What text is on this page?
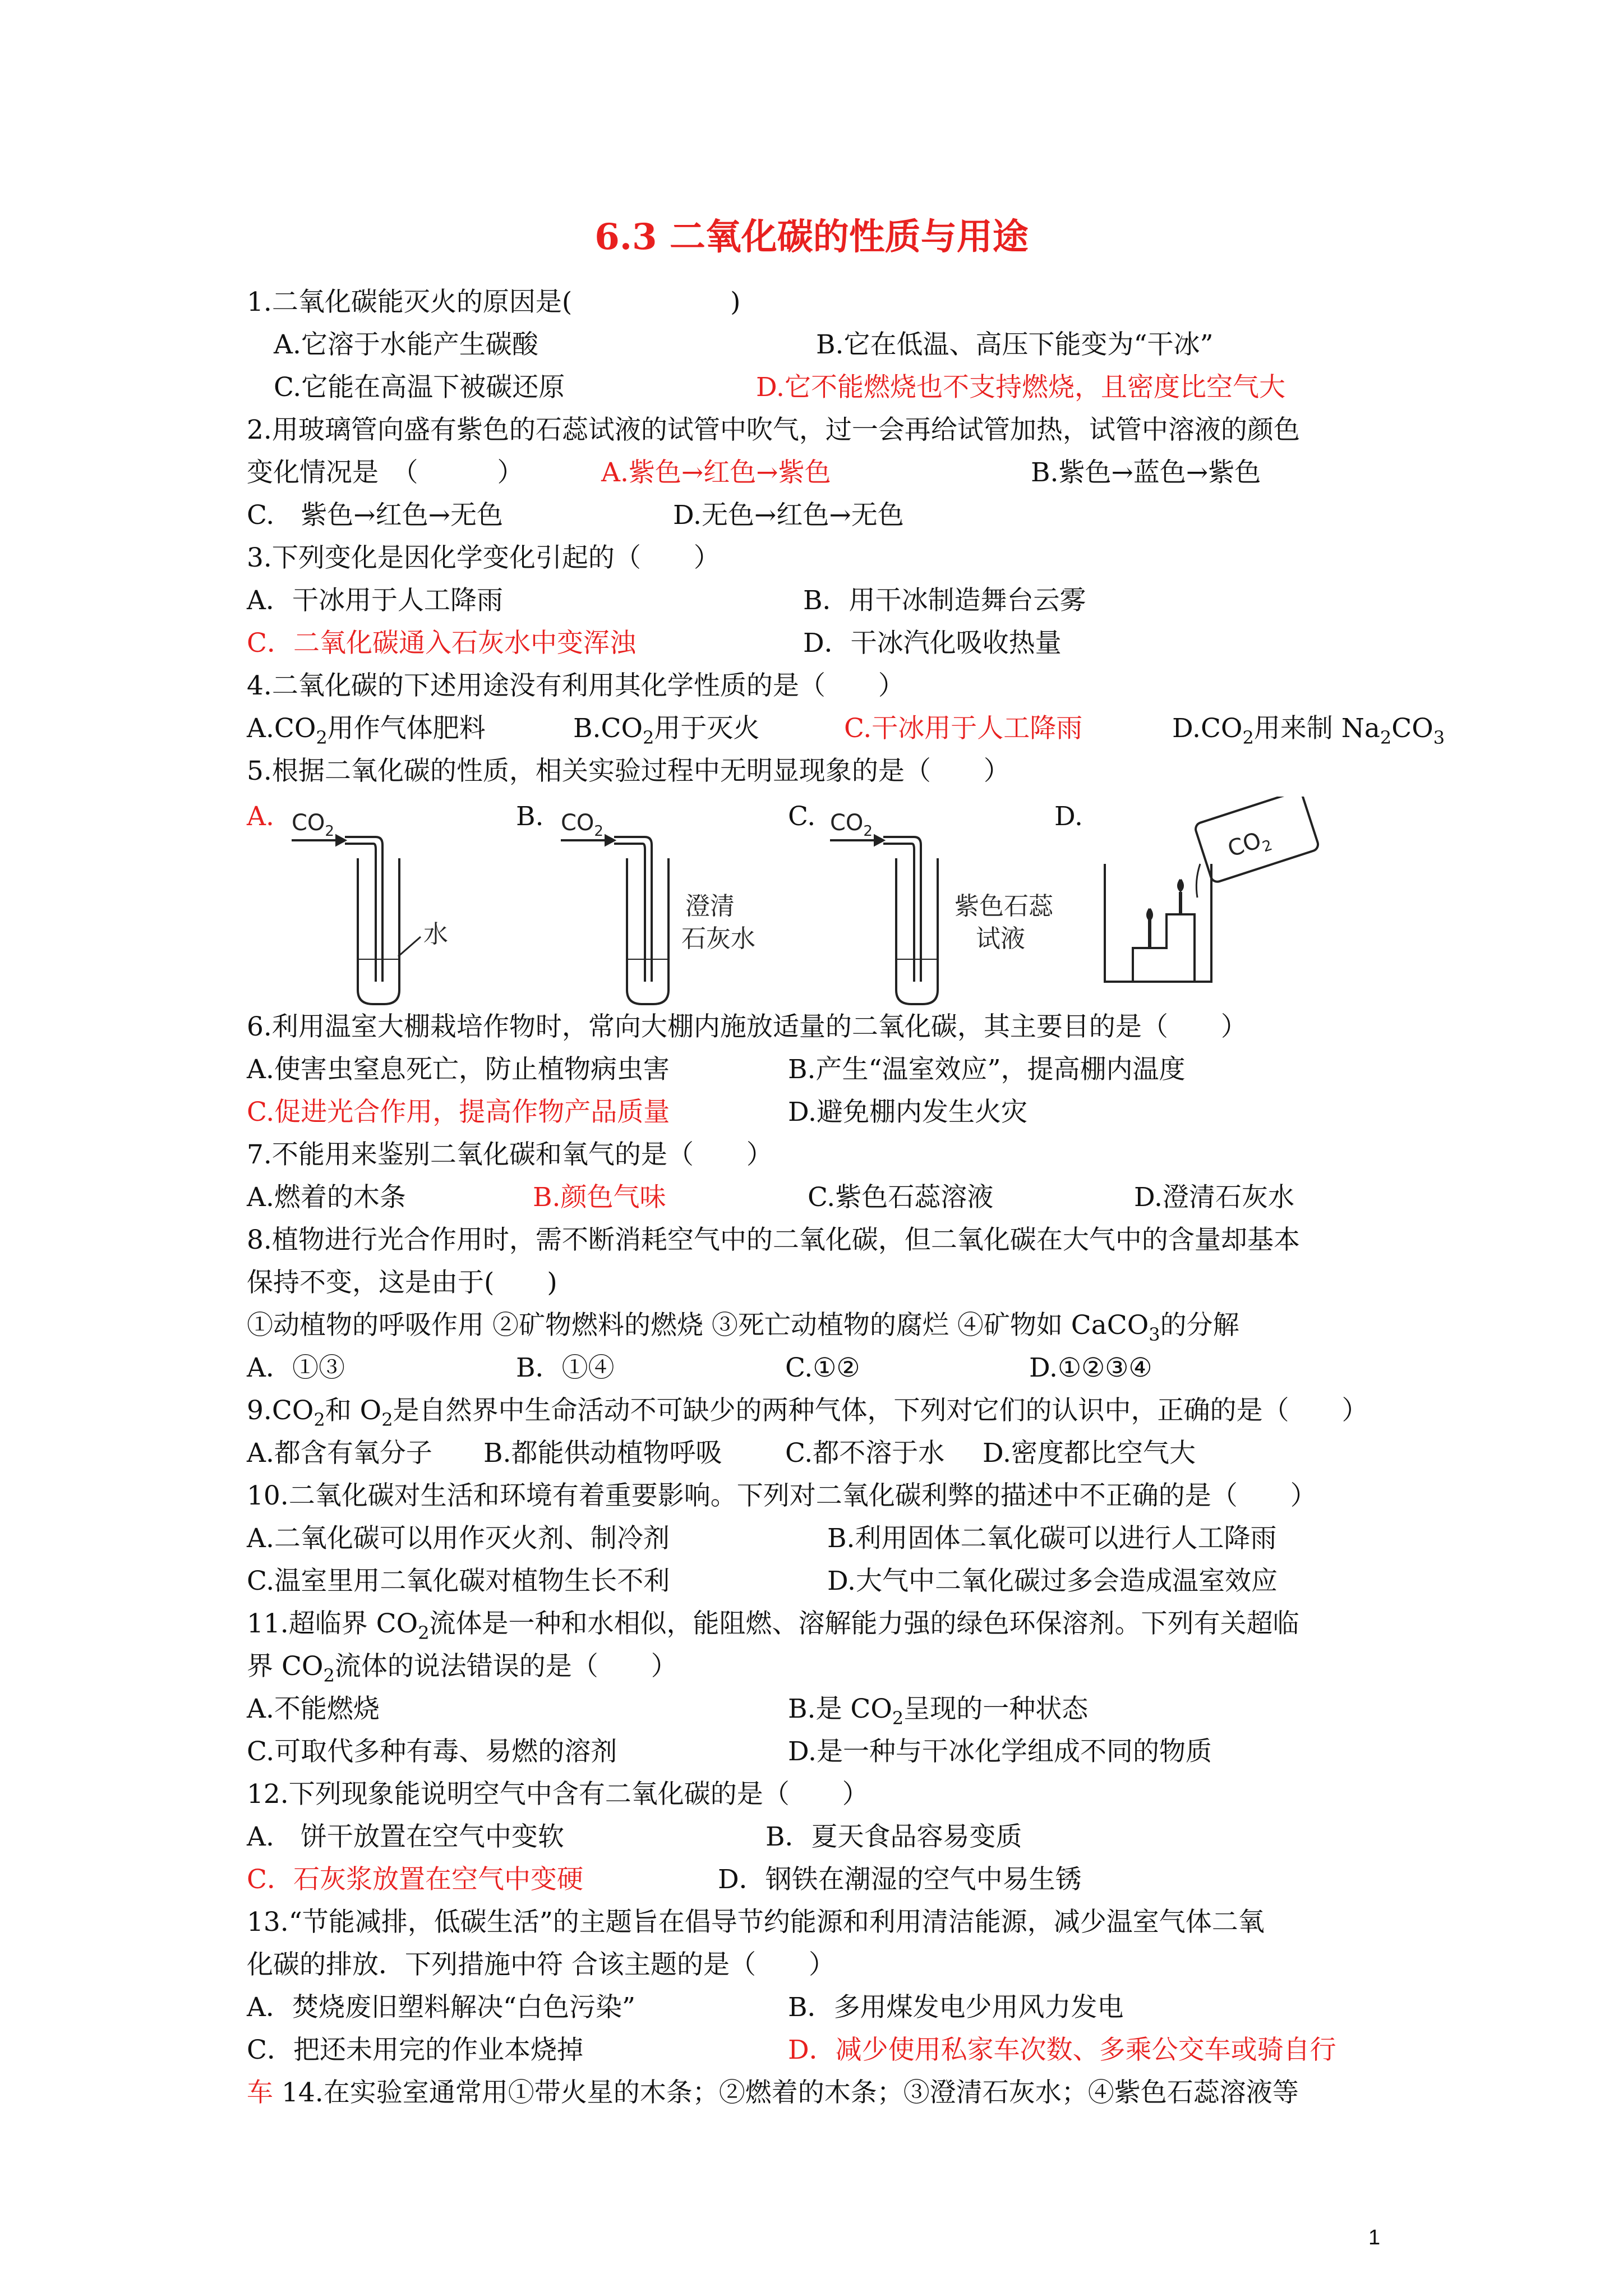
6.3 二氧化碳的性质与用途
1.二氧化碳能灭火的原因是(　　　　　　)
A.它溶于水能产生碳酸	B.它在低温、高压下能变为“干冰”
C.它能在高温下被碳还原	D.它不能燃烧也不支持燃烧，且密度比空气大
2.用玻璃管向盛有紫色的石蕊试液的试管中吹气，过一会再给试管加热，试管中溶液的颜色
变化情况是　（　　　）	A.紫色→红色→紫色	B.紫色→蓝色→紫色
C.　紫色→红色→无色	D.无色→红色→无色
3.下列变化是因化学变化引起的（　　）
A．干冰用于人工降雨	B．用干冰制造舞台云雾
C．二氧化碳通入石灰水中变浑浊	D．干冰汽化吸收热量
4.二氧化碳的下述用途没有利用其化学性质的是（　　）
$A.CO_2$用作气体肥料	$B.CO_2$用于灭火	C.干冰用于人工降雨	$D.CO_2$用来制 $Na_2CO_3$
5.根据二氧化碳的性质，相关实验过程中无明显现象的是（　　）
A.	B.	C.	D.
$CO_2$
水
$CO_2$
澄清
石灰水
$CO_2$
紫色石蕊
试液
$CO_2$
6.利用温室大棚栽培作物时，常向大棚内施放适量的二氧化碳，其主要目的是（　　）
A.使害虫窒息死亡，防止植物病虫害	B.产生“温室效应”，提高棚内温度
C.促进光合作用，提高作物产品质量	D.避免棚内发生火灾
7.不能用来鉴别二氧化碳和氧气的是（　　）
A.燃着的木条	B.颜色气味	C.紫色石蕊溶液	D.澄清石灰水
8.植物进行光合作用时，需不断消耗空气中的二氧化碳，但二氧化碳在大气中的含量却基本
保持不变，这是由于(　　)
①动植物的呼吸作用 ②矿物燃料的燃烧 ③死亡动植物的腐烂 ④矿物如 CaCO$_3$的分解
A．①③	B．①④	C.①②	D.①②③④
$9.CO_2$和 $O_2$是自然界中生命活动不可缺少的两种气体，下列对它们的认识中，正确的是（　　）
A.都含有氧分子 B.都能供动植物呼吸 C.都不溶于水 D.密度都比空气大
10.二氧化碳对生活和环境有着重要影响。下列对二氧化碳利弊的描述中不正确的是（　　）
A.二氧化碳可以用作灭火剂、制冷剂	B.利用固体二氧化碳可以进行人工降雨
C.温室里用二氧化碳对植物生长不利	D.大气中二氧化碳过多会造成温室效应
11.超临界 $CO_2$流体是一种和水相似，能阻燃、溶解能力强的绿色环保溶剂。下列有关超临
界 $CO_2$流体的说法错误的是（　　）
A.不能燃烧	B.是 $CO_2$呈现的一种状态
C.可取代多种有毒、易燃的溶剂	D.是一种与干冰化学组成不同的物质
12.下列现象能说明空气中含有二氧化碳的是（　　）
A.　饼干放置在空气中变软	B．夏天食品容易变质
C．石灰浆放置在空气中变硬	D．钢铁在潮湿的空气中易生锈
13.“节能减排，低碳生活”的主题旨在倡导节约能源和利用清洁能源，减少温室气体二氧
化碳的排放．下列措施中符 合该主题的是（　　）
A．焚烧废旧塑料解决“白色污染”	B．多用煤发电少用风力发电
C．把还未用完的作业本烧掉	D．减少使用私家车次数、多乘公交车或骑自行
车 14.在实验室通常用①带火星的木条；②燃着的木条；③澄清石灰水；④紫色石蕊溶液等
1
